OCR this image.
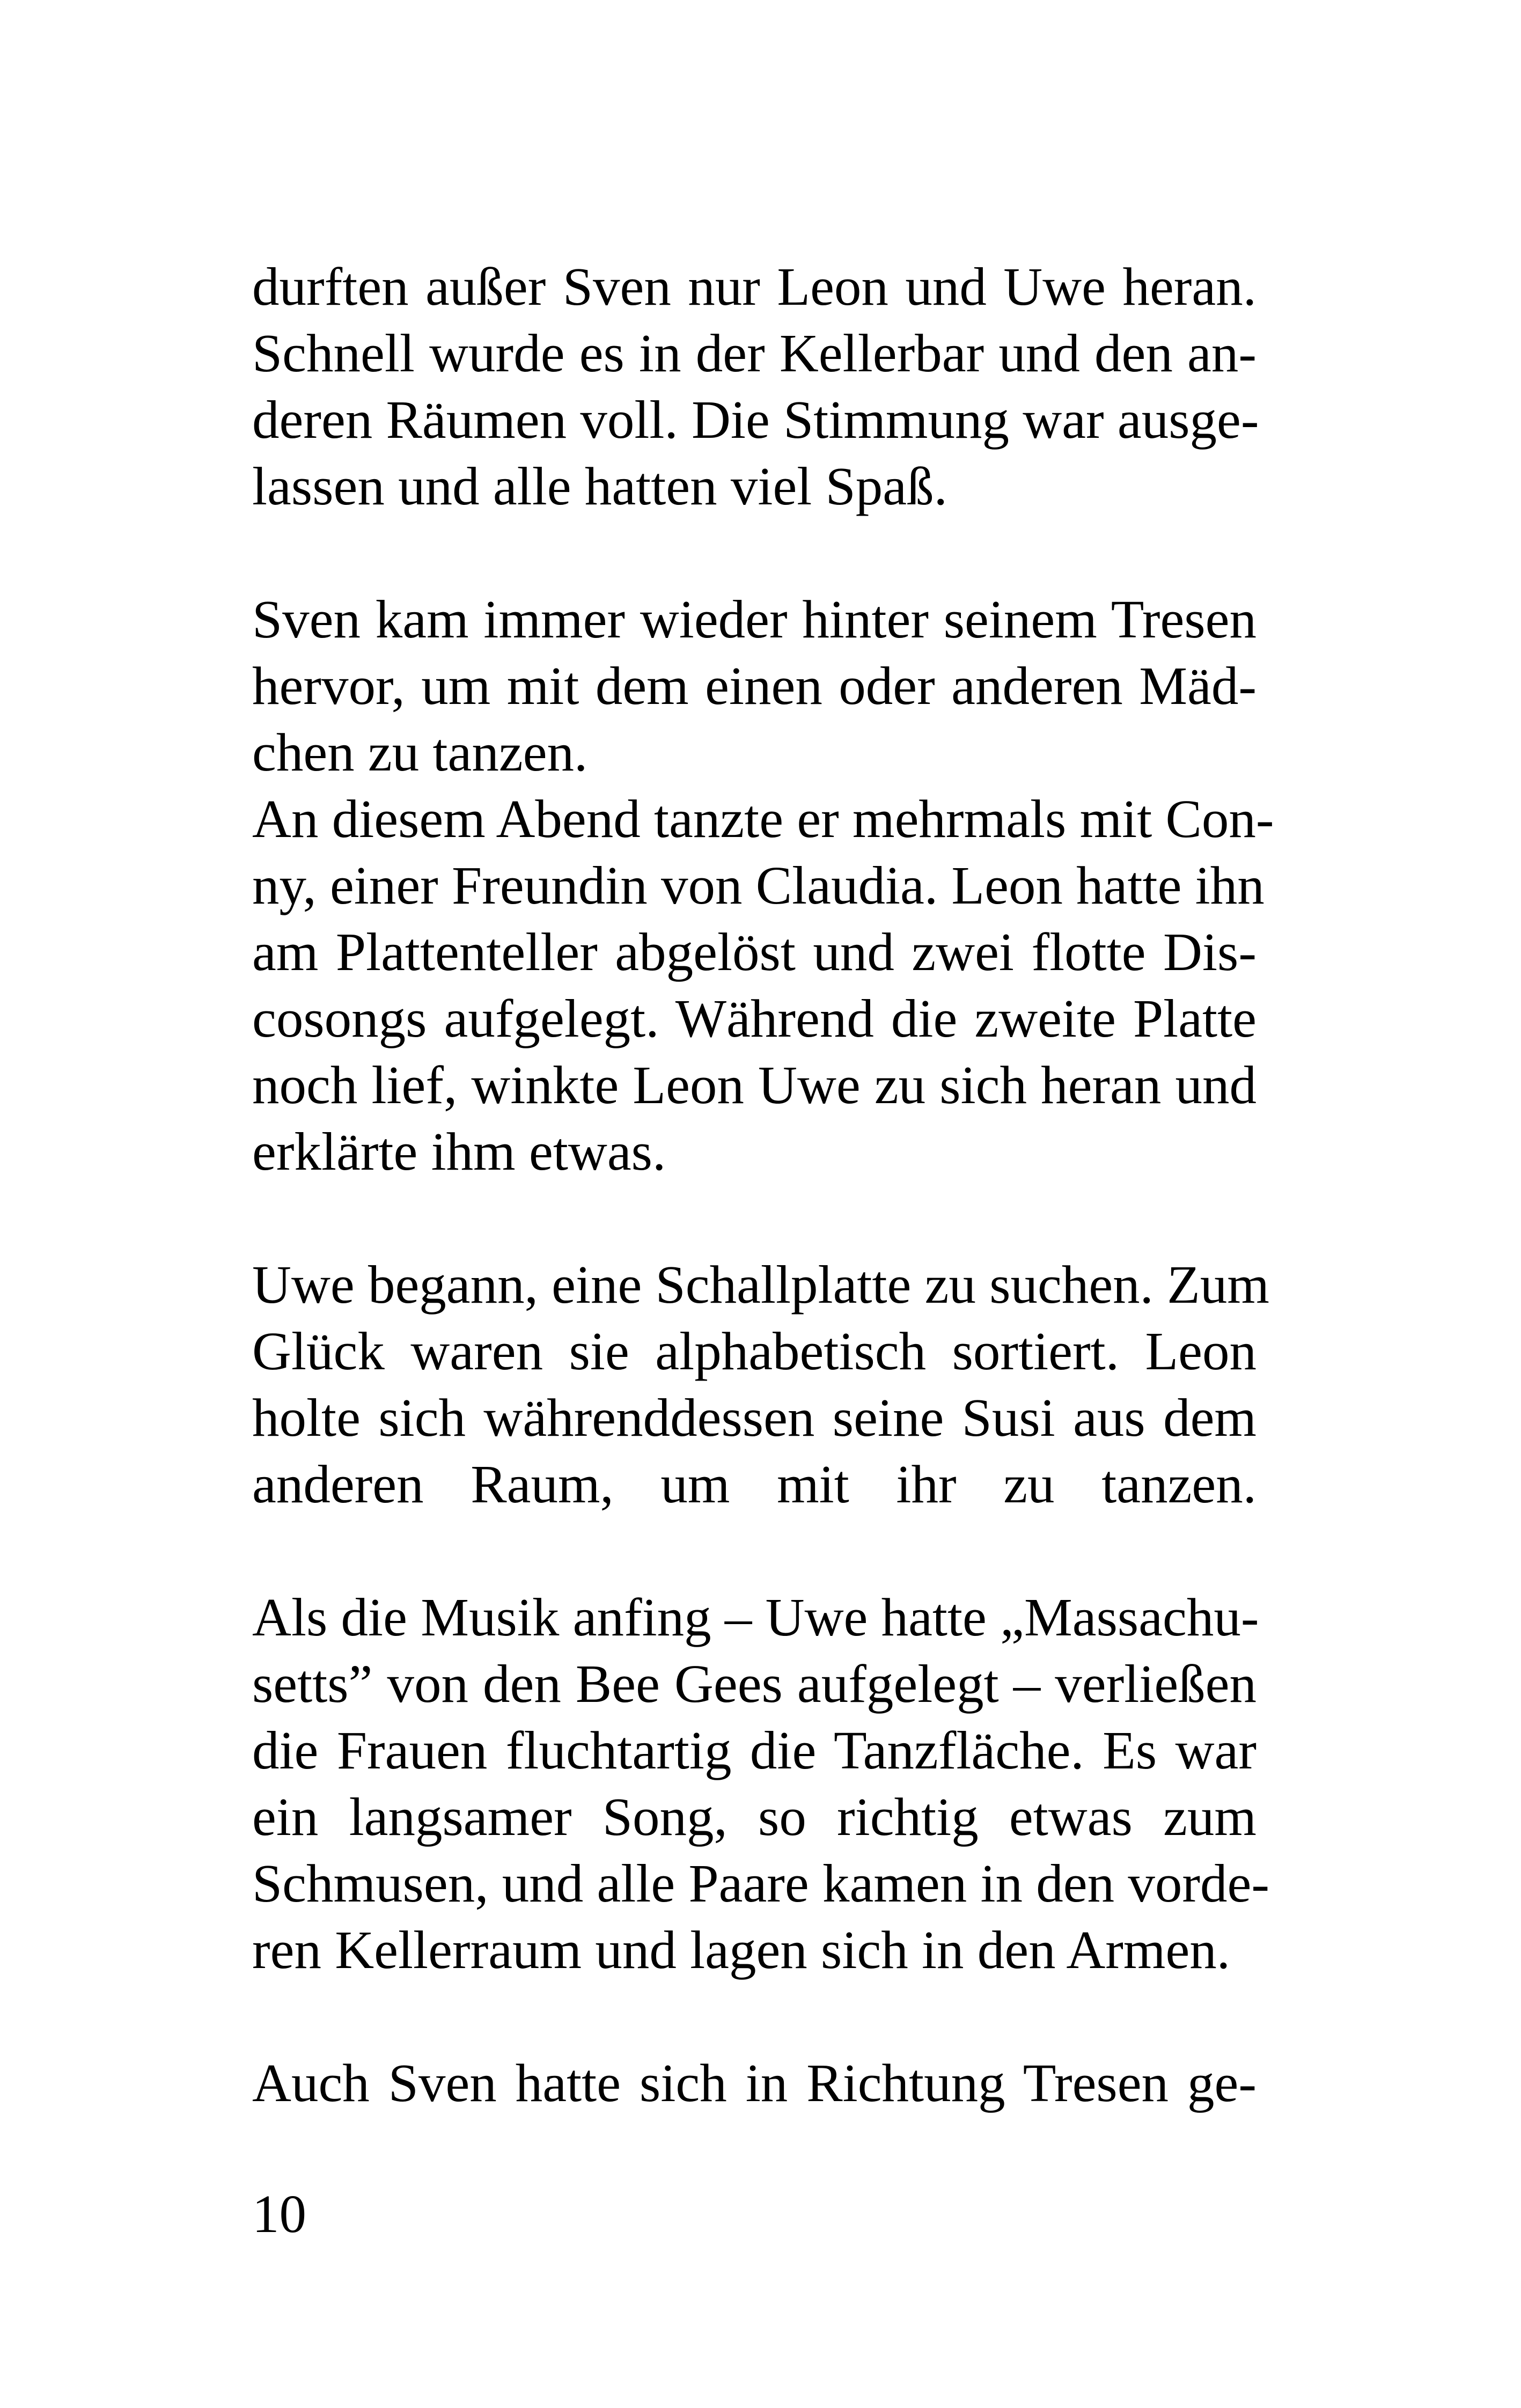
durften außer Sven nur Leon und Uwe heran.
Schnell wurde es in der Kellerbar und den an-
deren Räumen voll. Die Stimmung war ausge-
lassen und alle hatten viel Spaß.

Sven kam immer wieder hinter seinem Tresen
hervor, um mit dem einen oder anderen Mäd-
chen zu tanzen.
An diesem Abend tanzte er mehrmals mit Con-
ny, einer Freundin von Claudia. Leon hatte ihn
am Plattenteller abgelöst und zwei flotte Dis-
cosongs aufgelegt. Während die zweite Platte
noch lief, winkte Leon Uwe zu sich heran und
erklärte ihm etwas.

Uwe begann, eine Schallplatte zu suchen. Zum
Glück waren sie alphabetisch sortiert. Leon
holte sich währenddessen seine Susi aus dem
anderen Raum, um mit ihr zu tanzen.

Als die Musik anfing – Uwe hatte „Massachu-
setts” von den Bee Gees aufgelegt – verließen
die Frauen fluchtartig die Tanzfläche. Es war
ein langsamer Song, so richtig etwas zum
Schmusen, und alle Paare kamen in den vorde-
ren Kellerraum und lagen sich in den Armen.

Auch Sven hatte sich in Richtung Tresen ge-

10
